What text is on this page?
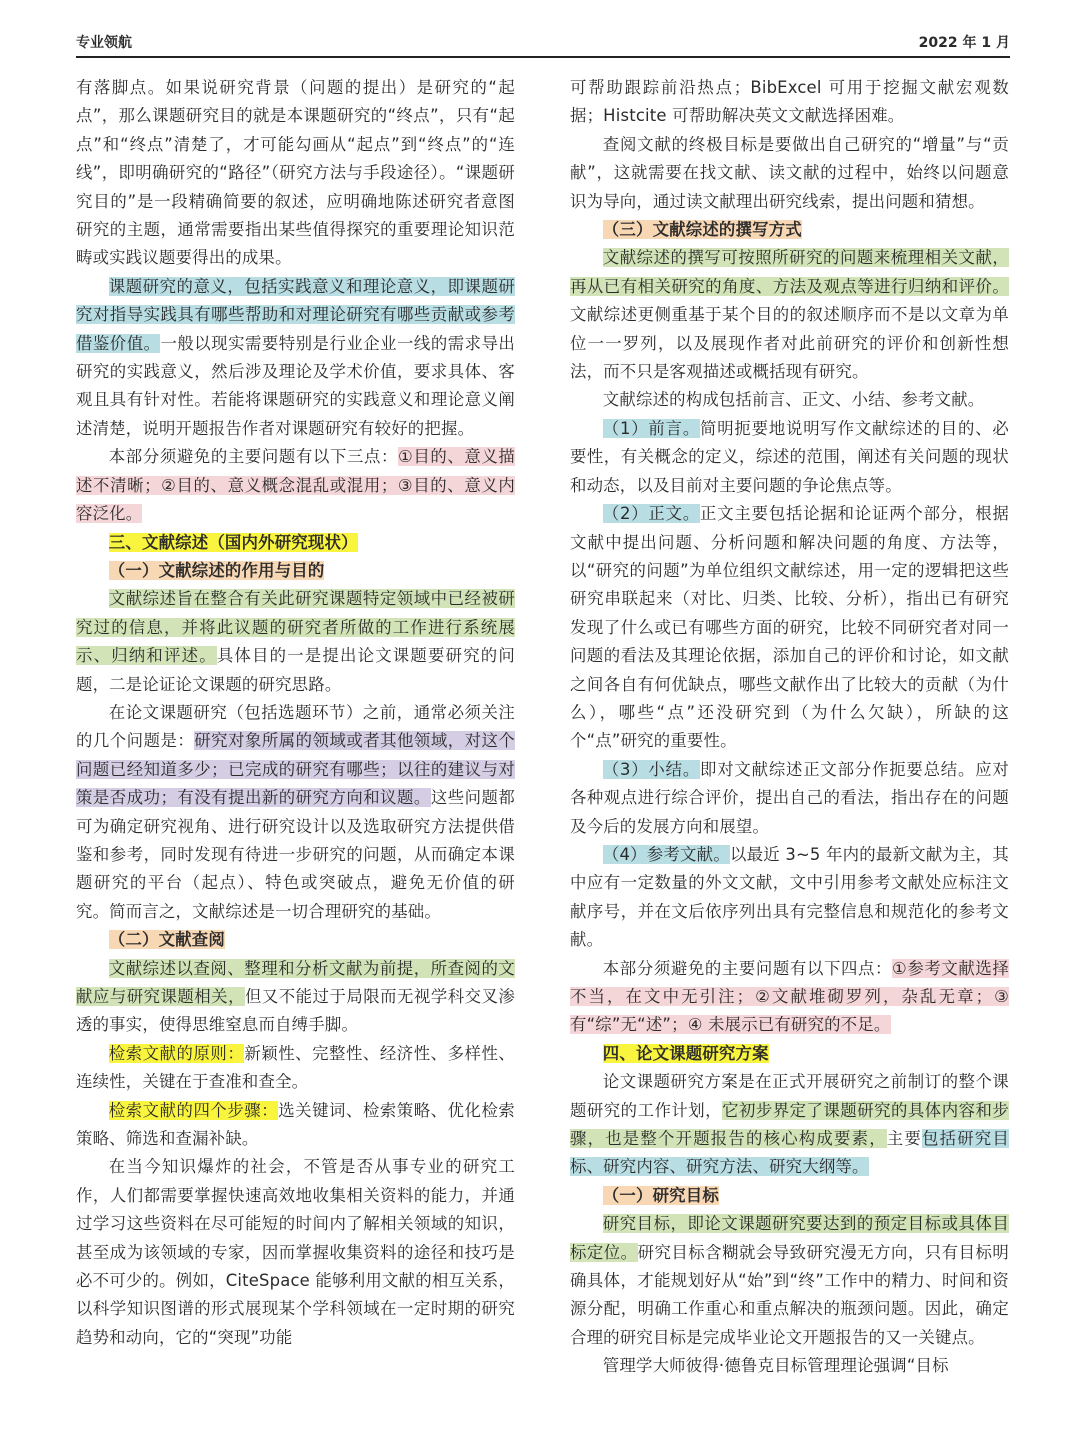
专业领航	2022 年 1 月

有落脚点。如果说研究背景（问题的提出）是研究的“起点”，那么课题研究目的就是本课题研究的“终点”，只有“起点”和“终点”清楚了，才可能勾画从“起点”到“终点”的“连线”，即明确研究的“路径”（研究方法与手段途径）。“课题研究目的”是一段精确简要的叙述，应明确地陈述研究者意图研究的主题，通常需要指出某些值得探究的重要理论知识范畴或实践议题要得出的成果。

课题研究的意义，包括实践意义和理论意义，即课题研究对指导实践具有哪些帮助和对理论研究有哪些贡献或参考借鉴价值。一般以现实需要特别是行业企业一线的需求导出研究的实践意义，然后涉及理论及学术价值，要求具体、客观且具有针对性。若能将课题研究的实践意义和理论意义阐述清楚，说明开题报告作者对课题研究有较好的把握。

本部分须避免的主要问题有以下三点：①目的、意义描述不清晰；②目的、意义概念混乱或混用；③目的、意义内容泛化。

三、文献综述（国内外研究现状）

（一）文献综述的作用与目的

文献综述旨在整合有关此研究课题特定领域中已经被研究过的信息，并将此议题的研究者所做的工作进行系统展示、归纳和评述。具体目的一是提出论文课题要研究的问题，二是论证论文课题的研究思路。

在论文课题研究（包括选题环节）之前，通常必须关注的几个问题是：研究对象所属的领域或者其他领域，对这个问题已经知道多少；已完成的研究有哪些；以往的建议与对策是否成功；有没有提出新的研究方向和议题。这些问题都可为确定研究视角、进行研究设计以及选取研究方法提供借鉴和参考，同时发现有待进一步研究的问题，从而确定本课题研究的平台（起点）、特色或突破点，避免无价值的研究。简而言之，文献综述是一切合理研究的基础。

（二）文献查阅

文献综述以查阅、整理和分析文献为前提，所查阅的文献应与研究课题相关，但又不能过于局限而无视学科交叉渗透的事实，使得思维窒息而自缚手脚。

检索文献的原则：新颖性、完整性、经济性、多样性、连续性，关键在于查准和查全。

检索文献的四个步骤：选关键词、检索策略、优化检索策略、筛选和查漏补缺。

在当今知识爆炸的社会，不管是否从事专业的研究工作，人们都需要掌握快速高效地收集相关资料的能力，并通过学习这些资料在尽可能短的时间内了解相关领域的知识，甚至成为该领域的专家，因而掌握收集资料的途径和技巧是必不可少的。例如，CiteSpace 能够利用文献的相互关系，以科学知识图谱的形式展现某个学科领域在一定时期的研究趋势和动向，它的“突现”功能

可帮助跟踪前沿热点；BibExcel 可用于挖掘文献宏观数据；Histcite 可帮助解决英文文献选择困难。

查阅文献的终极目标是要做出自己研究的“增量”与“贡献”，这就需要在找文献、读文献的过程中，始终以问题意识为导向，通过读文献理出研究线索，提出问题和猜想。

（三）文献综述的撰写方式

文献综述的撰写可按照所研究的问题来梳理相关文献，再从已有相关研究的角度、方法及观点等进行归纳和评价。文献综述更侧重基于某个目的的叙述顺序而不是以文章为单位一一罗列，以及展现作者对此前研究的评价和创新性想法，而不只是客观描述或概括现有研究。

文献综述的构成包括前言、正文、小结、参考文献。

（1）前言。简明扼要地说明写作文献综述的目的、必要性，有关概念的定义，综述的范围，阐述有关问题的现状和动态，以及目前对主要问题的争论焦点等。

（2）正文。正文主要包括论据和论证两个部分，根据文献中提出问题、分析问题和解决问题的角度、方法等，以“研究的问题”为单位组织文献综述，用一定的逻辑把这些研究串联起来（对比、归类、比较、分析），指出已有研究发现了什么或已有哪些方面的研究，比较不同研究者对同一问题的看法及其理论依据，添加自己的评价和讨论，如文献之间各自有何优缺点，哪些文献作出了比较大的贡献（为什么），哪些“点”还没研究到（为什么欠缺），所缺的这个“点”研究的重要性。

（3）小结。即对文献综述正文部分作扼要总结。应对各种观点进行综合评价，提出自己的看法，指出存在的问题及今后的发展方向和展望。

（4）参考文献。以最近 3~5 年内的最新文献为主，其中应有一定数量的外文文献，文中引用参考文献处应标注文献序号，并在文后依序列出具有完整信息和规范化的参考文献。

本部分须避免的主要问题有以下四点：①参考文献选择不当，在文中无引注；②文献堆砌罗列，杂乱无章；③有“综”无“述”；④ 未展示已有研究的不足。

四、论文课题研究方案

论文课题研究方案是在正式开展研究之前制订的整个课题研究的工作计划，它初步界定了课题研究的具体内容和步骤，也是整个开题报告的核心构成要素，主要包括研究目标、研究内容、研究方法、研究大纲等。

（一）研究目标

研究目标，即论文课题研究要达到的预定目标或具体目标定位。研究目标含糊就会导致研究漫无方向，只有目标明确具体，才能规划好从“始”到“终”工作中的精力、时间和资源分配，明确工作重心和重点解决的瓶颈问题。因此，确定合理的研究目标是完成毕业论文开题报告的又一关键点。

管理学大师彼得·德鲁克目标管理理论强调“目标
